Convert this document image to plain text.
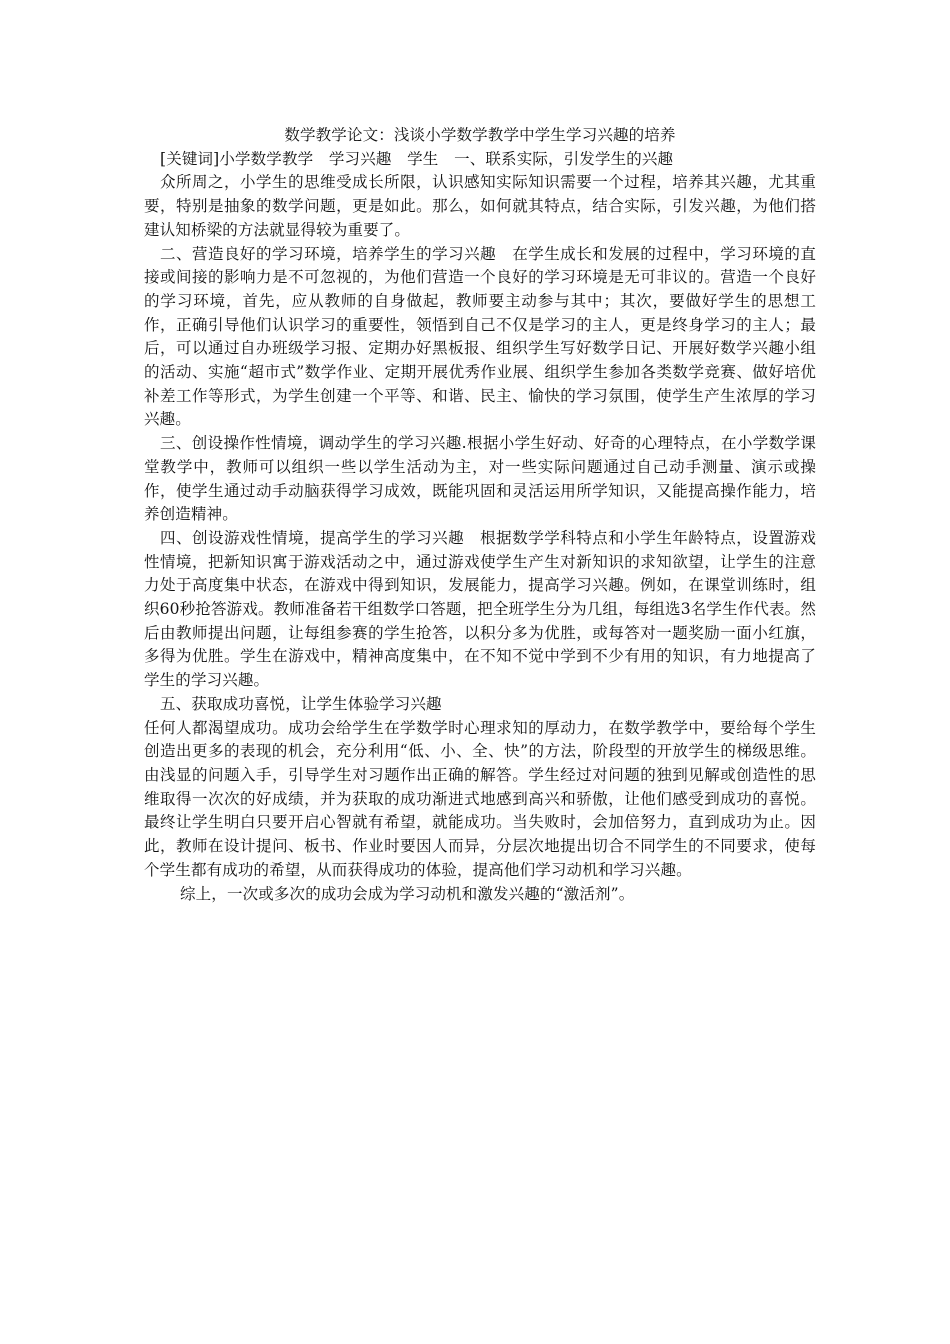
数学教学论文：浅谈小学数学教学中学生学习兴趣的培养

[关键词]小学数学教学　学习兴趣　学生　一、联系实际，引发学生的兴趣

众所周之，小学生的思维受成长所限，认识感知实际知识需要一个过程，培养其兴趣，尤其重要，特别是抽象的数学问题，更是如此。那么，如何就其特点，结合实际，引发兴趣，为他们搭建认知桥梁的方法就显得较为重要了。

二、营造良好的学习环境，培养学生的学习兴趣　在学生成长和发展的过程中，学习环境的直接或间接的影响力是不可忽视的，为他们营造一个良好的学习环境是无可非议的。营造一个良好的学习环境，首先，应从教师的自身做起，教师要主动参与其中；其次，要做好学生的思想工作，正确引导他们认识学习的重要性，领悟到自己不仅是学习的主人，更是终身学习的主人；最后，可以通过自办班级学习报、定期办好黑板报、组织学生写好数学日记、开展好数学兴趣小组的活动、实施“超市式”数学作业、定期开展优秀作业展、组织学生参加各类数学竞赛、做好培优补差工作等形式，为学生创建一个平等、和谐、民主、愉快的学习氛围，使学生产生浓厚的学习兴趣。

三、创设操作性情境，调动学生的学习兴趣.根据小学生好动、好奇的心理特点，在小学数学课堂教学中，教师可以组织一些以学生活动为主，对一些实际问题通过自己动手测量、演示或操作，使学生通过动手动脑获得学习成效，既能巩固和灵活运用所学知识，又能提高操作能力，培养创造精神。

四、创设游戏性情境，提高学生的学习兴趣　根据数学学科特点和小学生年龄特点，设置游戏性情境，把新知识寓于游戏活动之中，通过游戏使学生产生对新知识的求知欲望，让学生的注意力处于高度集中状态，在游戏中得到知识，发展能力，提高学习兴趣。例如，在课堂训练时，组织60秒抢答游戏。教师准备若干组数学口答题，把全班学生分为几组，每组选3名学生作代表。然后由教师提出问题，让每组参赛的学生抢答，以积分多为优胜，或每答对一题奖励一面小红旗，多得为优胜。学生在游戏中，精神高度集中，在不知不觉中学到不少有用的知识，有力地提高了学生的学习兴趣。

五、获取成功喜悦，让学生体验学习兴趣

任何人都渴望成功。成功会给学生在学数学时心理求知的厚动力，在数学教学中，要给每个学生创造出更多的表现的机会，充分利用“低、小、全、快”的方法，阶段型的开放学生的梯级思维。由浅显的问题入手，引导学生对习题作出正确的解答。学生经过对问题的独到见解或创造性的思维取得一次次的好成绩，并为获取的成功渐进式地感到高兴和骄傲，让他们感受到成功的喜悦。最终让学生明白只要开启心智就有希望，就能成功。当失败时，会加倍努力，直到成功为止。因此，教师在设计提问、板书、作业时要因人而异，分层次地提出切合不同学生的不同要求，使每个学生都有成功的希望，从而获得成功的体验，提高他们学习动机和学习兴趣。

综上，一次或多次的成功会成为学习动机和激发兴趣的“激活剂”。
